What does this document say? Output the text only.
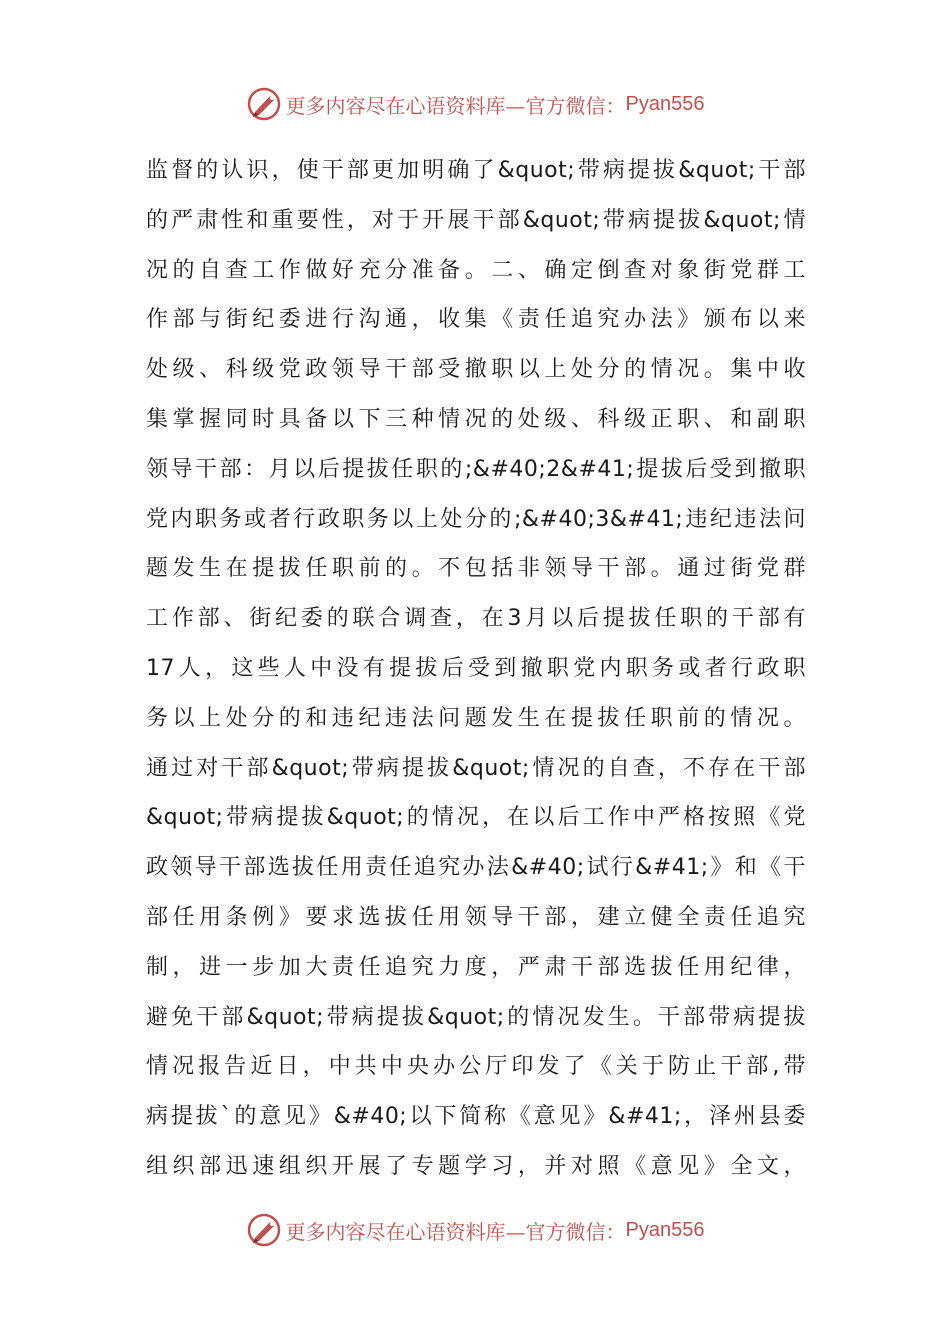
更多内容尽在心语资料库—官方微信： Pyan556
监督的认识，使干部更加明确了&quot;带病提拔&quot;干部
的严肃性和重要性，对于开展干部&quot;带病提拔&quot;情
况的自查工作做好充分准备。二、确定倒查对象街党群工
作部与街纪委进行沟通，收集《责任追究办法》颁布以来
处级、科级党政领导干部受撤职以上处分的情况。集中收
集掌握同时具备以下三种情况的处级、科级正职、和副职
领导干部：月以后提拔任职的;&#40;2&#41;提拔后受到撤职
党内职务或者行政职务以上处分的;&#40;3&#41;违纪违法问
题发生在提拔任职前的。不包括非领导干部。通过街党群
工作部、街纪委的联合调查，在3月以后提拔任职的干部有
17人，这些人中没有提拔后受到撤职党内职务或者行政职
务以上处分的和违纪违法问题发生在提拔任职前的情况。
通过对干部&quot;带病提拔&quot;情况的自查，不存在干部
&quot;带病提拔&quot;的情况，在以后工作中严格按照《党
政领导干部选拔任用责任追究办法&#40;试行&#41;》和《干
部任用条例》要求选拔任用领导干部，建立健全责任追究
制，进一步加大责任追究力度，严肃干部选拔任用纪律，
避免干部&quot;带病提拔&quot;的情况发生。干部带病提拔
情况报告近日，中共中央办公厅印发了《关于防止干部,带
病提拔`的意见》&#40;以下简称《意见》&#41;，泽州县委
组织部迅速组织开展了专题学习，并对照《意见》全文，
更多内容尽在心语资料库—官方微信： Pyan556
